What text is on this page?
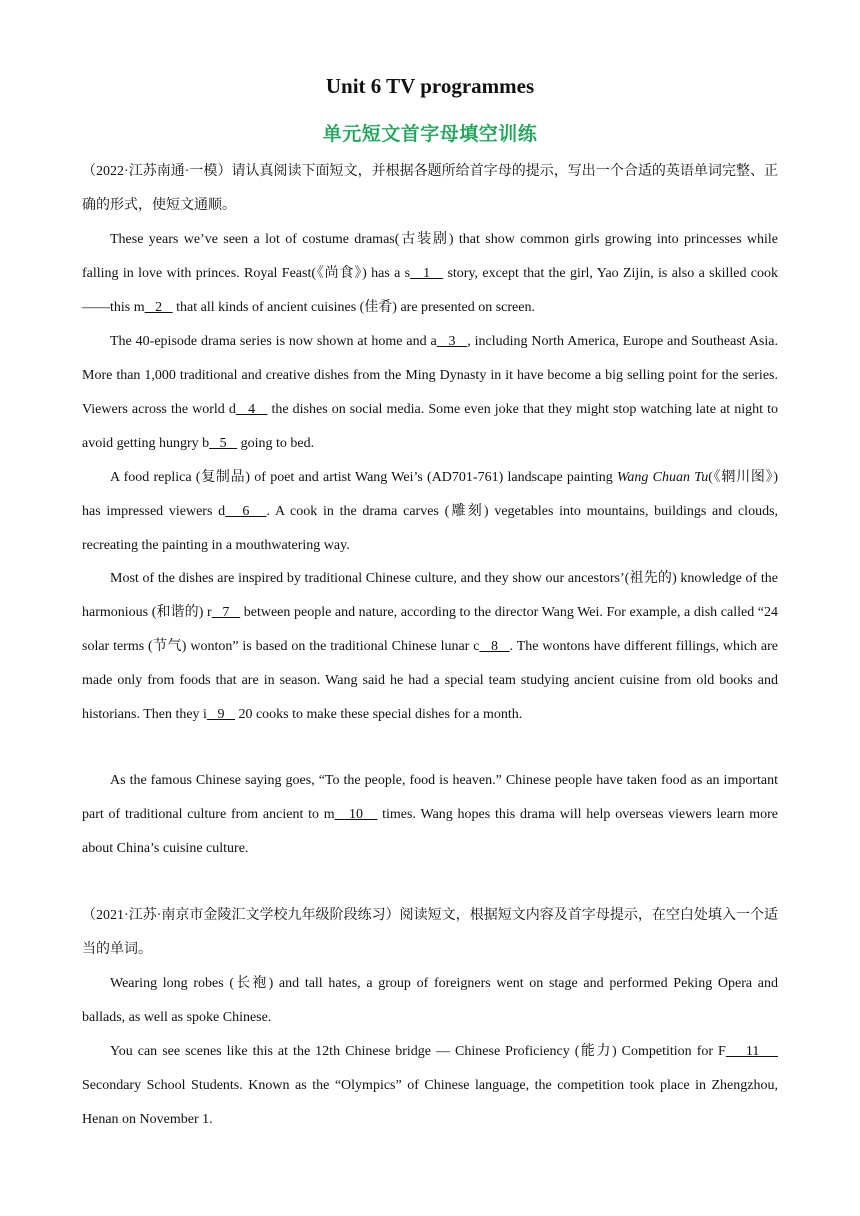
Unit 6 TV programmes
单元短文首字母填空训练

（2022·江苏南通·一模）请认真阅读下面短文，并根据各题所给首字母的提示，写出一个合适的英语单词完整、正确的形式，使短文通顺。

These years we’ve seen a lot of costume dramas(古装剧) that show common girls growing into princesses while falling in love with princes. Royal Feast(《尚食》) has a s   1    story, except that the girl, Yao Zijin, is also a skilled cook——this m   2    that all kinds of ancient cuisines (佳肴) are presented on screen.

The 40-episode drama series is now shown at home and a   3   , including North America, Europe and Southeast Asia. More than 1,000 traditional and creative dishes from the Ming Dynasty in it have become a big selling point for the series. Viewers across the world d   4    the dishes on social media. Some even joke that they might stop watching late at night to avoid getting hungry b   5    going to bed.

A food replica (复制品) of poet and artist Wang Wei’s (AD701-761) landscape painting Wang Chuan Tu(《辋川图》) has impressed viewers d   6   . A cook in the drama carves (雕刻) vegetables into mountains, buildings and clouds, recreating the painting in a mouthwatering way.

Most of the dishes are inspired by traditional Chinese culture, and they show our ancestors’(祖先的) knowledge of the harmonious (和谐的) r   7    between people and nature, according to the director Wang Wei. For example, a dish called “24 solar terms (节气) wonton” is based on the traditional Chinese lunar c   8   . The wontons have different fillings, which are made only from foods that are in season. Wang said he had a special team studying ancient cuisine from old books and historians. Then they i   9    20 cooks to make these special dishes for a month.

As the famous Chinese saying goes, “To the people, food is heaven.” Chinese people have taken food as an important part of traditional culture from ancient to m   10    times. Wang hopes this drama will help overseas viewers learn more about China’s cuisine culture.

（2021·江苏·南京市金陵汇文学校九年级阶段练习）阅读短文，根据短文内容及首字母提示，在空白处填入一个适当的单词。

Wearing long robes (长袍) and tall hates, a group of foreigners went on stage and performed Peking Opera and ballads, as well as spoke Chinese.

You can see scenes like this at the 12th Chinese bridge — Chinese Proficiency (能力) Competition for F    11     Secondary School Students. Known as the “Olympics” of Chinese language, the competition took place in Zhengzhou, Henan on November 1.
